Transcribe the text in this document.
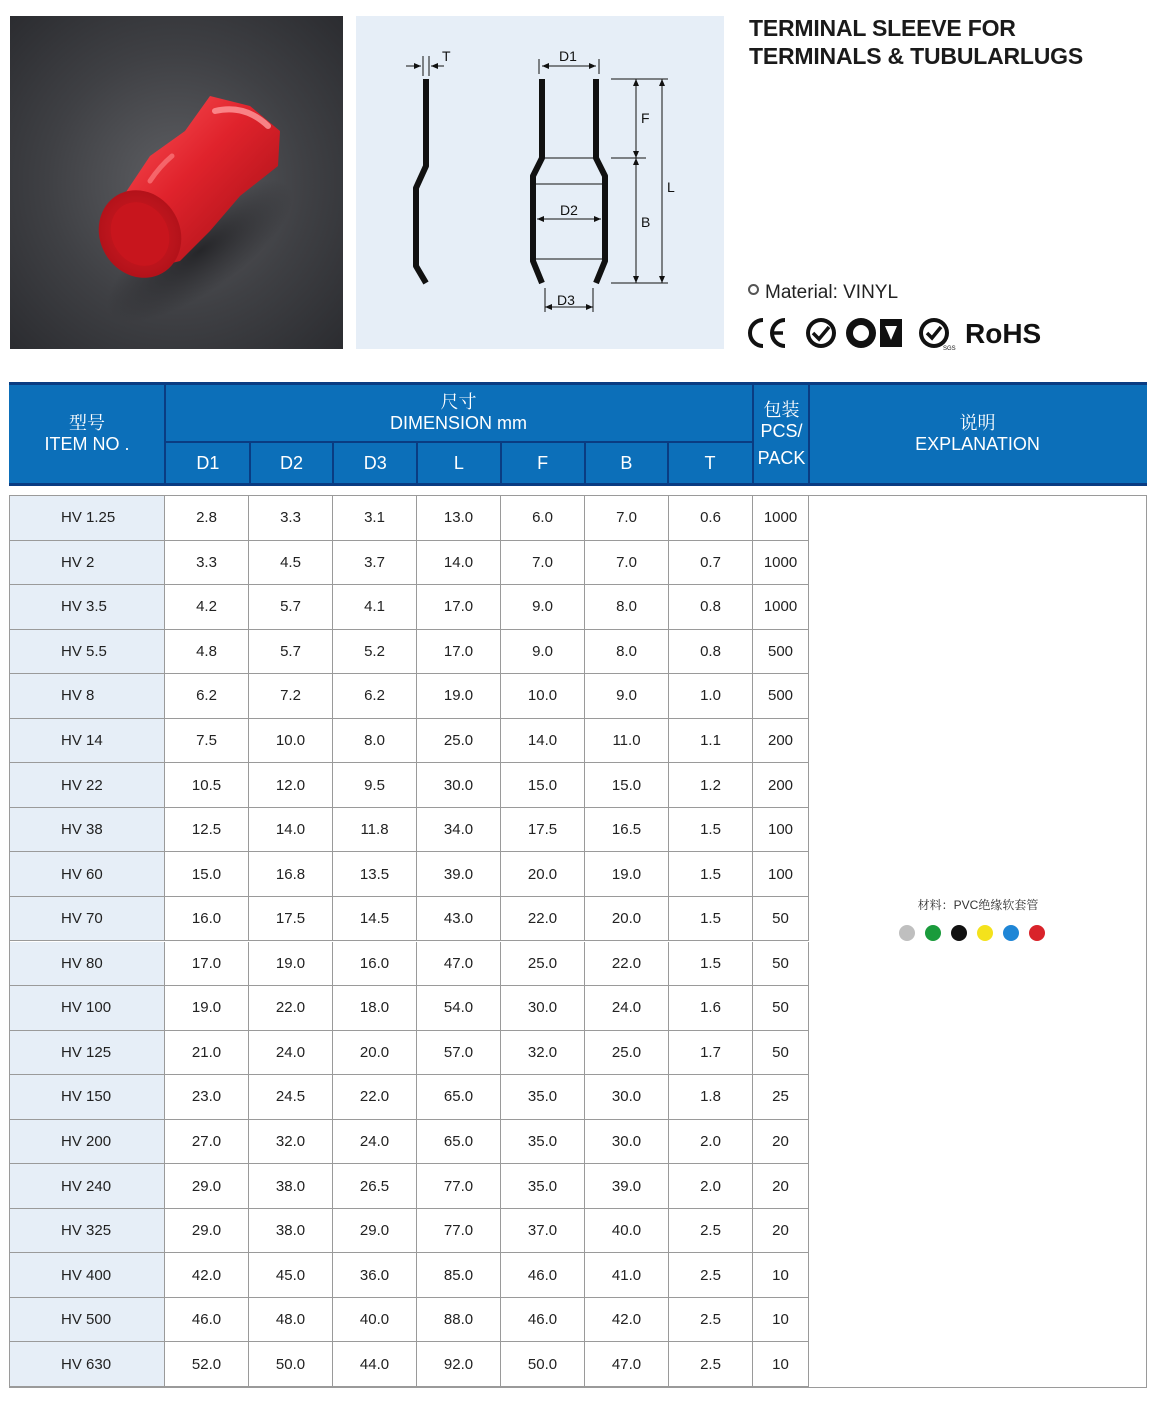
T	D1
D2
D3
F
B
L
TERMINAL SLEEVE FOR
TERMINALS & TUBULARLUGS
Material: VINYL
SGS RoHS
型号
ITEM NO .
尺寸
DIMENSION mm
D1	D2	D3	L	F	B	T
包装
PCS/
PACK
说明
EXPLANATION
HV 1.25	2.8	3.3	3.1	13.0	6.0	7.0	0.6	1000
HV 2	3.3	4.5	3.7	14.0	7.0	7.0	0.7	1000
HV 3.5	4.2	5.7	4.1	17.0	9.0	8.0	0.8	1000
HV 5.5	4.8	5.7	5.2	17.0	9.0	8.0	0.8	500
HV 8	6.2	7.2	6.2	19.0	10.0	9.0	1.0	500
HV 14	7.5	10.0	8.0	25.0	14.0	11.0	1.1	200
HV 22	10.5	12.0	9.5	30.0	15.0	15.0	1.2	200
HV 38	12.5	14.0	11.8	34.0	17.5	16.5	1.5	100
HV 60	15.0	16.8	13.5	39.0	20.0	19.0	1.5	100
HV 70	16.0	17.5	14.5	43.0	22.0	20.0	1.5	50
HV 80	17.0	19.0	16.0	47.0	25.0	22.0	1.5	50
HV 100	19.0	22.0	18.0	54.0	30.0	24.0	1.6	50
HV 125	21.0	24.0	20.0	57.0	32.0	25.0	1.7	50
HV 150	23.0	24.5	22.0	65.0	35.0	30.0	1.8	25
HV 200	27.0	32.0	24.0	65.0	35.0	30.0	2.0	20
HV 240	29.0	38.0	26.5	77.0	35.0	39.0	2.0	20
HV 325	29.0	38.0	29.0	77.0	37.0	40.0	2.5	20
HV 400	42.0	45.0	36.0	85.0	46.0	41.0	2.5	10
HV 500	46.0	48.0	40.0	88.0	46.0	42.0	2.5	10
HV 630	52.0	50.0	44.0	92.0	50.0	47.0	2.5	10
材料：PVC绝缘软套管
